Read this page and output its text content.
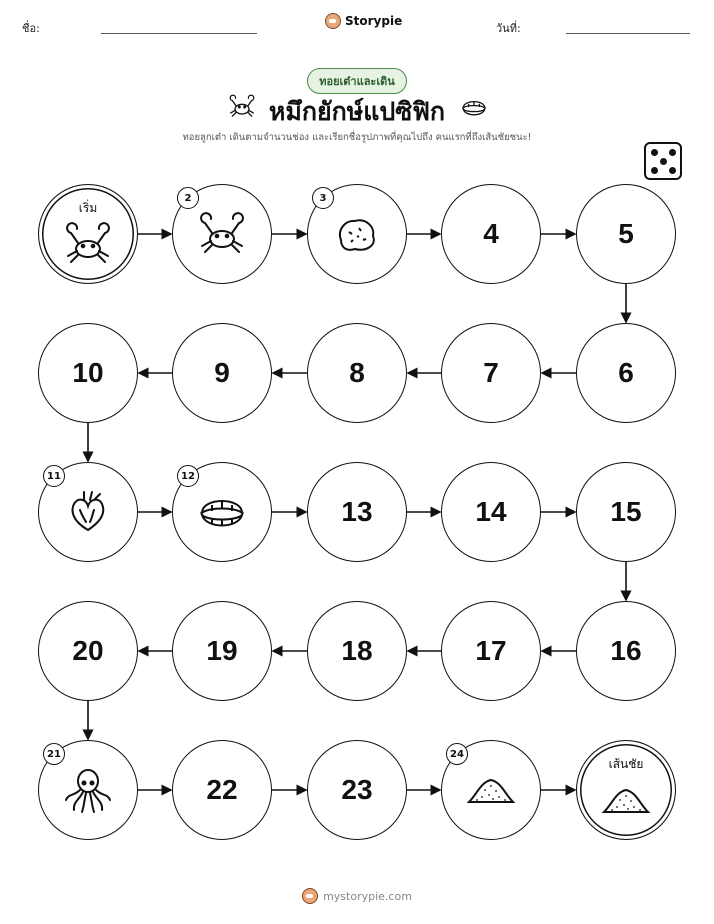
ชื่อ:
Storypie
วันที่:
ทอยเต๋าและเดิน
หมึกยักษ์แปซิฟิก
ทอยลูกเต๋า เดินตามจำนวนช่อง และเรียกชื่อรูปภาพที่คุณไปถึง คนแรกที่ถึงเส้นชัยชนะ!
เริ่ม
2	3
4	5
6
7
8
9
10
11	12
13	14	15
16
17
18
19
20
21
22	23
24
เส้นชัย
mystorypie.com
